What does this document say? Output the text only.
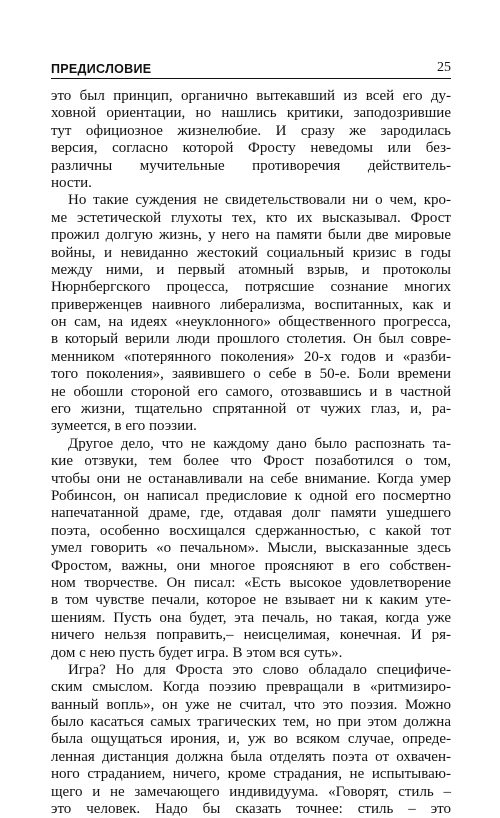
ПРЕДИСЛОВИЕ	25
это был принцип, органично вытекавший из всей его ду-
ховной ориентации, но нашлись критики, заподозрившие
тут официозное жизнелюбие. И сразу же зародилась
версия, согласно которой Фросту неведомы или без-
различны мучительные противоречия действитель-
ности.
Но такие суждения не свидетельствовали ни о чем, кро-
ме эстетической глухоты тех, кто их высказывал. Фрост
прожил долгую жизнь, у него на памяти были две мировые
войны, и невиданно жестокий социальный кризис в годы
между ними, и первый атомный взрыв, и протоколы
Нюрнбергского процесса, потрясшие сознание многих
приверженцев наивного либерализма, воспитанных, как и
он сам, на идеях «неуклонного» общественного прогресса,
в который верили люди прошлого столетия. Он был совре-
менником «потерянного поколения» 20-х годов и «разби-
того поколения», заявившего о себе в 50-е. Боли времени
не обошли стороной его самого, отозвавшись и в частной
его жизни, тщательно спрятанной от чужих глаз, и, ра-
зумеется, в его поэзии.
Другое дело, что не каждому дано было распознать та-
кие отзвуки, тем более что Фрост позаботился о том,
чтобы они не останавливали на себе внимание. Когда умер
Робинсон, он написал предисловие к одной его посмертно
напечатанной драме, где, отдавая долг памяти ушедшего
поэта, особенно восхищался сдержанностью, с какой тот
умел говорить «о печальном». Мысли, высказанные здесь
Фростом, важны, они многое проясняют в его собствен-
ном творчестве. Он писал: «Есть высокое удовлетворение
в том чувстве печали, которое не взывает ни к каким уте-
шениям. Пусть она будет, эта печаль, но такая, когда уже
ничего нельзя поправить,– неисцелимая, конечная. И ря-
дом с нею пусть будет игра. В этом вся суть».
Игра? Но для Фроста это слово обладало специфиче-
ским смыслом. Когда поэзию превращали в «ритмизиро-
ванный вопль», он уже не считал, что это поэзия. Можно
было касаться самых трагических тем, но при этом должна
была ощущаться ирония, и, уж во всяком случае, опреде-
ленная дистанция должна была отделять поэта от охвачен-
ного страданием, ничего, кроме страдания, не испытываю-
щего и не замечающего индивидуума. «Говорят, стиль –
это человек. Надо бы сказать точнее: стиль – это
